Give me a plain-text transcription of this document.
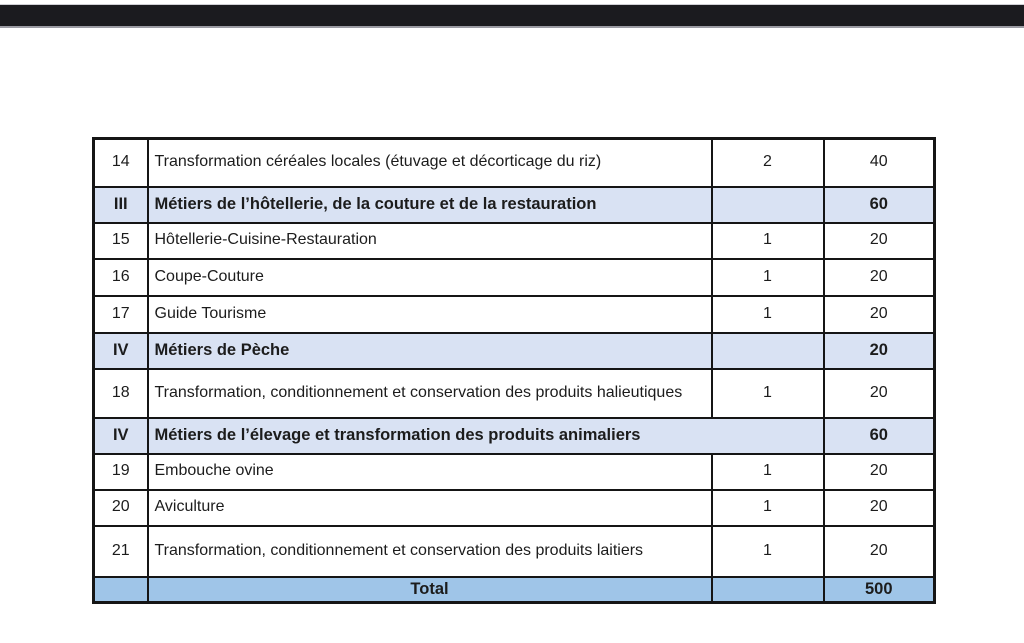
14	Transformation céréales locales (étuvage et décorticage du riz)	2	40
III	Métiers de l’hôtellerie, de la couture et de la restauration		60
15	Hôtellerie-Cuisine-Restauration	1	20
16	Coupe-Couture	1	20
17	Guide Tourisme	1	20
IV	Métiers de Pèche		20
18	Transformation, conditionnement et conservation des produits halieutiques	1	20
IV	Métiers de l’élevage et transformation des produits animaliers		60
19	Embouche ovine	1	20
20	Aviculture	1	20
21	Transformation, conditionnement et conservation des produits laitiers	1	20
	Total		500
